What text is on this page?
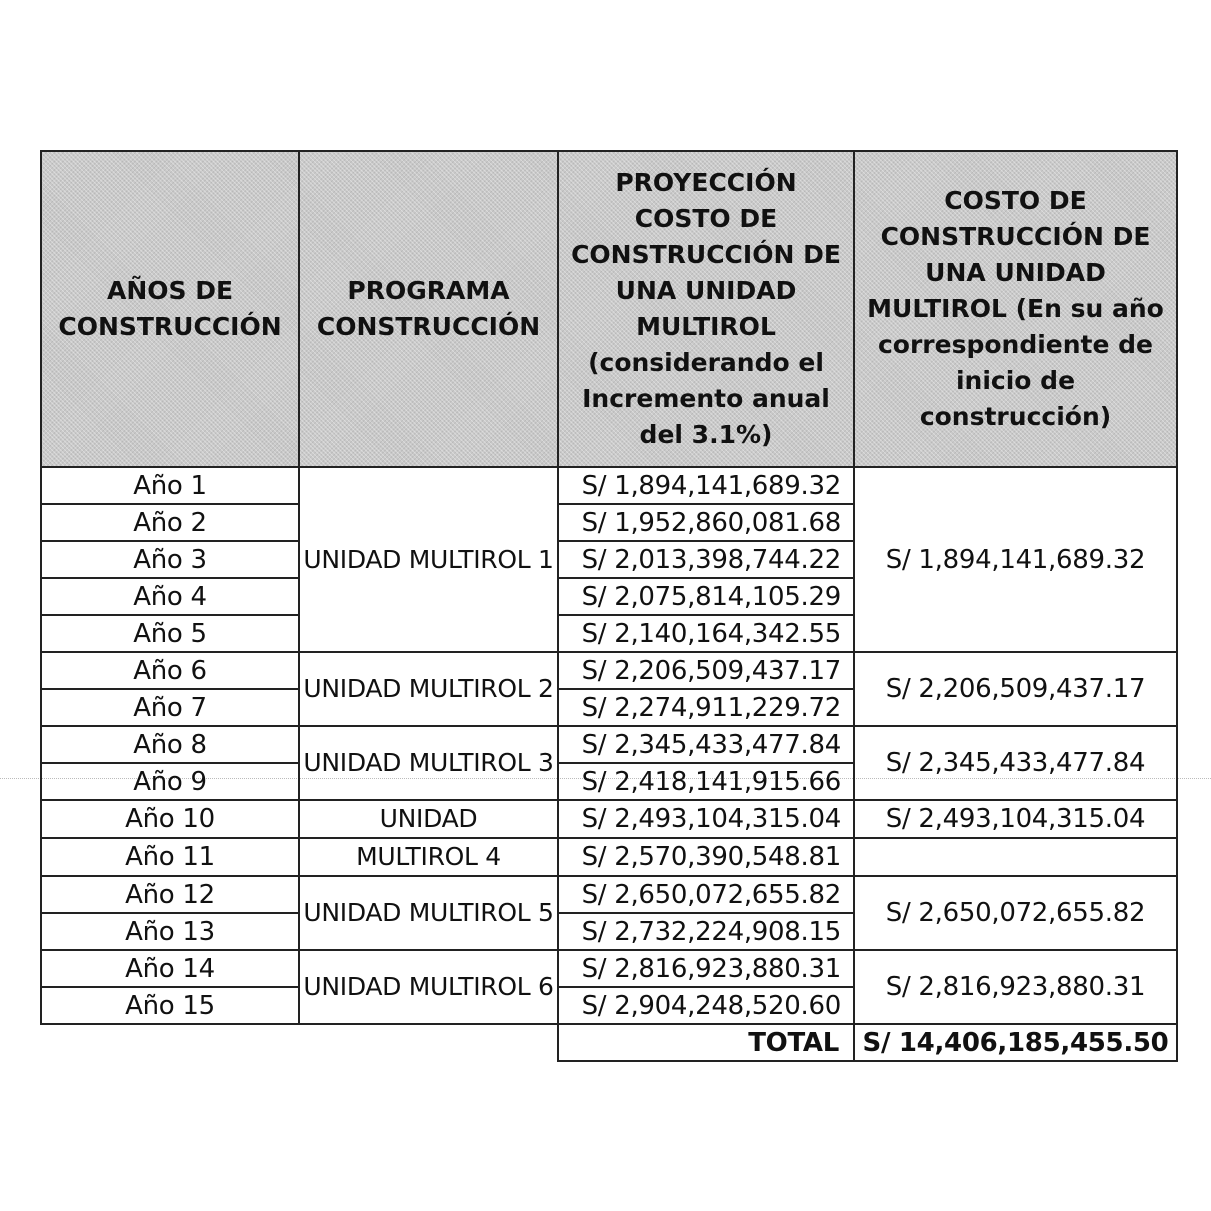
AÑOS DE CONSTRUCCIÓN	PROGRAMA CONSTRUCCIÓN	PROYECCIÓN COSTO DE CONSTRUCCIÓN DE UNA UNIDAD MULTIROL (considerando el Incremento anual del 3.1%)	COSTO DE CONSTRUCCIÓN DE UNA UNIDAD MULTIROL (En su año correspondiente de inicio de construcción)
Año 1	UNIDAD MULTIROL 1	S/ 1,894,141,689.32	S/ 1,894,141,689.32
Año 2		S/ 1,952,860,081.68	
Año 3		S/ 2,013,398,744.22	
Año 4		S/ 2,075,814,105.29	
Año 5		S/ 2,140,164,342.55	
Año 6	UNIDAD MULTIROL 2	S/ 2,206,509,437.17	S/ 2,206,509,437.17
Año 7		S/ 2,274,911,229.72	
Año 8	UNIDAD MULTIROL 3	S/ 2,345,433,477.84	S/ 2,345,433,477.84
Año 9		S/ 2,418,141,915.66	
Año 10	UNIDAD	S/ 2,493,104,315.04	S/ 2,493,104,315.04
Año 11	MULTIROL 4	S/ 2,570,390,548.81	
Año 12	UNIDAD MULTIROL 5	S/ 2,650,072,655.82	S/ 2,650,072,655.82
Año 13		S/ 2,732,224,908.15	
Año 14	UNIDAD MULTIROL 6	S/ 2,816,923,880.31	S/ 2,816,923,880.31
Año 15		S/ 2,904,248,520.60	
		TOTAL	S/ 14,406,185,455.50
